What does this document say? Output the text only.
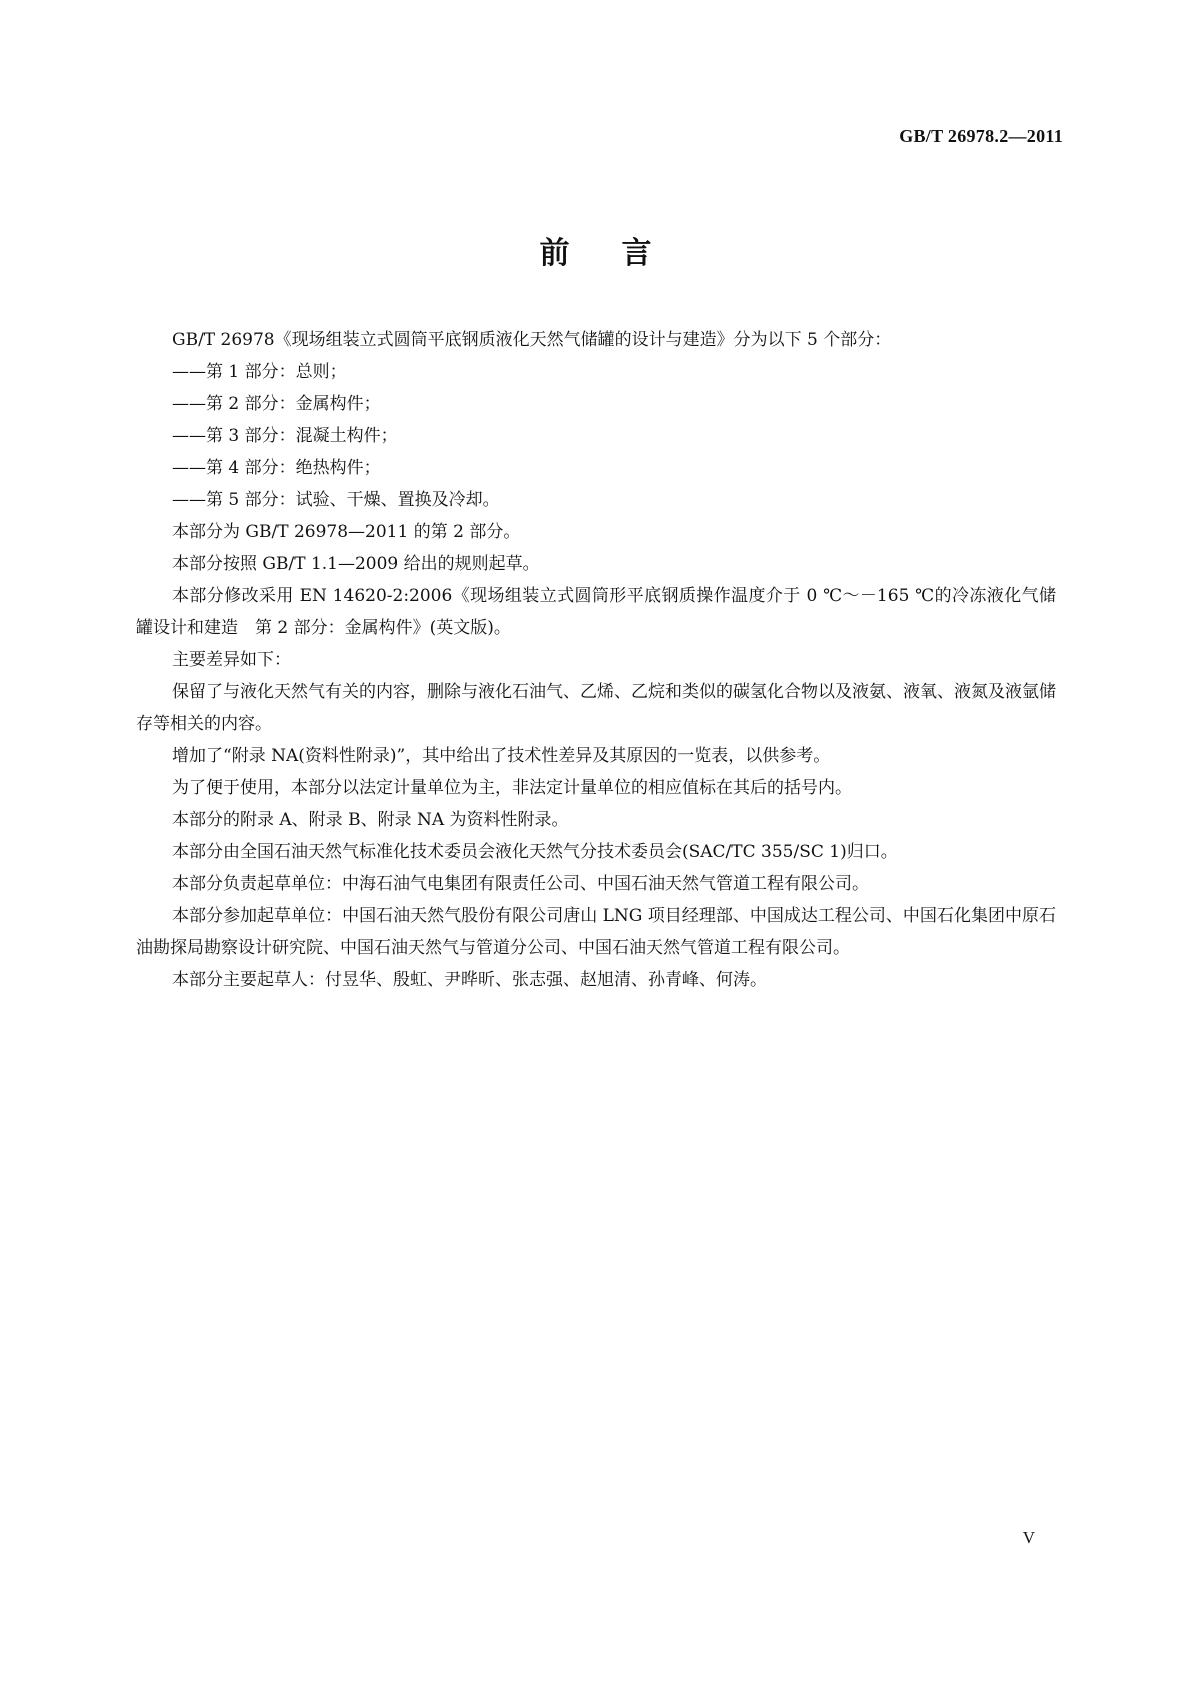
GB/T 26978.2—2011

前言

GB/T 26978《现场组装立式圆筒平底钢质液化天然气储罐的设计与建造》分为以下 5 个部分：

——第 1 部分：总则；

——第 2 部分：金属构件；

——第 3 部分：混凝土构件；

——第 4 部分：绝热构件；

——第 5 部分：试验、干燥、置换及冷却。

本部分为 GB/T 26978—2011 的第 2 部分。

本部分按照 GB/T 1.1—2009 给出的规则起草。

本部分修改采用 EN 14620-2:2006《现场组装立式圆筒形平底钢质操作温度介于 0 ℃～－165 ℃的冷冻液化气储罐设计和建造　第 2 部分：金属构件》(英文版)。

主要差异如下：

保留了与液化天然气有关的内容，删除与液化石油气、乙烯、乙烷和类似的碳氢化合物以及液氨、液氧、液氮及液氩储存等相关的内容。

增加了“附录 NA(资料性附录)”，其中给出了技术性差异及其原因的一览表，以供参考。

为了便于使用，本部分以法定计量单位为主，非法定计量单位的相应值标在其后的括号内。

本部分的附录 A、附录 B、附录 NA 为资料性附录。

本部分由全国石油天然气标准化技术委员会液化天然气分技术委员会(SAC/TC 355/SC 1)归口。

本部分负责起草单位：中海石油气电集团有限责任公司、中国石油天然气管道工程有限公司。

本部分参加起草单位：中国石油天然气股份有限公司唐山 LNG 项目经理部、中国成达工程公司、中国石化集团中原石油勘探局勘察设计研究院、中国石油天然气与管道分公司、中国石油天然气管道工程有限公司。

本部分主要起草人：付昱华、殷虹、尹晔昕、张志强、赵旭清、孙青峰、何涛。

V
